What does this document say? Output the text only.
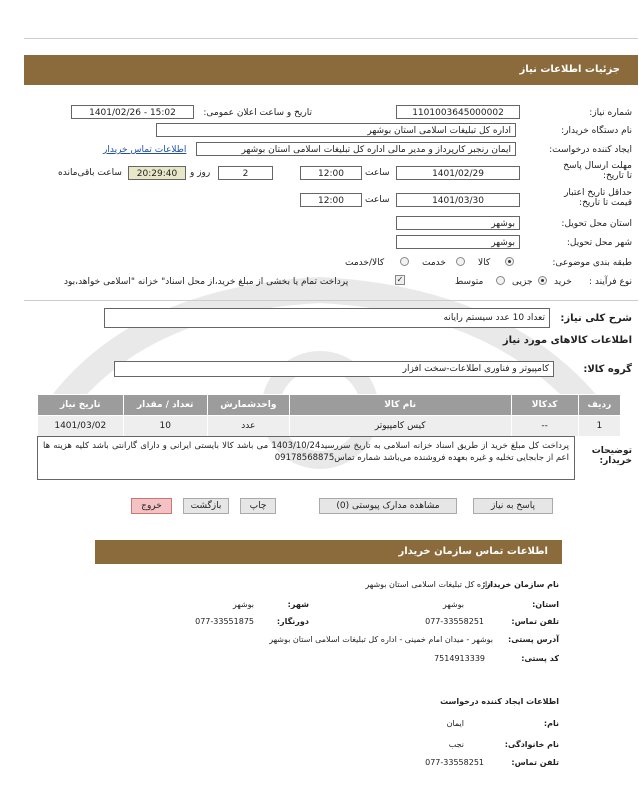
جزئیات اطلاعات نیاز
شماره نیاز:
1101003645000002
تاریخ و ساعت اعلان عمومی:
1401/02/26 - 15:02
نام دستگاه خریدار:
اداره کل تبلیغات اسلامی استان بوشهر
ایجاد کننده درخواست:
ایمان رنجبر کارپرداز و مدیر مالی اداره کل تبلیغات اسلامی استان بوشهر
اطلاعات تماس خریدار
مهلت ارسال پاسخ تا تاریخ:
1401/02/29
ساعت
12:00
2
روز و
20:29:40
ساعت باقی‌مانده
حداقل تاریخ اعتبار قیمت تا تاریخ:
1401/03/30
ساعت
12:00
استان محل تحویل:
بوشهر
شهر محل تحویل:
بوشهر
طبقه بندی موضوعی:
کالا
خدمت
کالا/خدمت
نوع فرآیند :
خرید
جزیی
متوسط
✓
پرداخت تمام یا بخشی از مبلغ خرید،از محل اسناد" خزانه "اسلامی خواهد،بود
شرح کلی نیاز:
تعداد 10 عدد سیستم رایانه
اطلاعات کالاهای مورد نیاز
گروه کالا:
کامپیوتر و فناوری اطلاعات-سخت افزار
ردیف	کدکالا	نام کالا	واحدشمارش	تعداد / مقدار	تاریخ نیاز
1	--	کیس کامپیوتر	عدد	10	1401/03/02
توضیحات خریدار:
پرداخت کل مبلغ خرید از طریق اسناد خزانه اسلامی به تاریخ سررسید1403/10/24 می باشد کالا بایستی ایرانی و دارای گارانتی باشد کلیه هزینه ها اعم از جابجایی تخلیه و غیره بعهده فروشنده می‌باشد شماره تماس09178568875
پاسخ به نیاز
مشاهده مدارک پیوستی (0)
چاپ
بازگشت
خروج
اطلاعات تماس سازمان خریدار
نام سازمان خریدار:
اداره کل تبلیغات اسلامی استان بوشهر
استان:
بوشهر
شهر:
بوشهر
تلفن تماس:
077-33558251
دورنگار:
077-33551875
آدرس پستی:
بوشهر - میدان امام خمینی - اداره کل تبلیغات اسلامی استان بوشهر
کد پستی:
7514913339
اطلاعات ایجاد کننده درخواست
نام:
ایمان
نام خانوادگی:
نجب
تلفن تماس:
077-33558251
